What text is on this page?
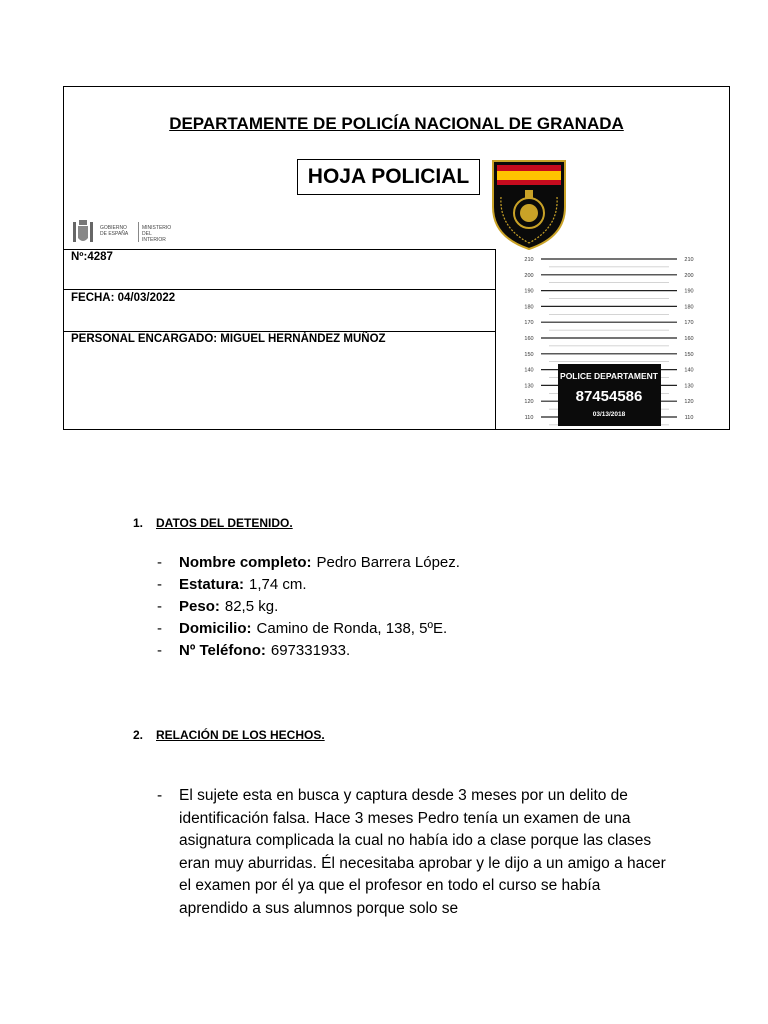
DEPARTAMENTE DE POLICÍA NACIONAL DE GRANADA
HOJA POLICIAL
GOBIERNO
DE ESPAÑA
MINISTERIO DEL
INTERIOR
Nº:4287
FECHA: 04/03/2022
PERSONAL ENCARGADO: MIGUEL HERNÁNDEZ MUÑOZ
210	210
200	200
190	190
180	180
170	170
160	160
150	150
140	140
130	130
120	120
110	110
POLICE DEPARTAMENT
87454586
03/13/2018
1. DATOS DEL DETENIDO.
-	Nombre completo: Pedro Barrera López.
-	Estatura: 1,74 cm.
-	Peso: 82,5 kg.
-	Domicilio: Camino de Ronda, 138, 5ºE.
-	Nº Teléfono: 697331933.
2. RELACIÓN DE LOS HECHOS.
-	El sujete esta en busca y captura desde 3 meses por un delito de identificación falsa. Hace 3 meses Pedro tenía un examen de una asignatura complicada la cual no había ido a clase porque las clases eran muy aburridas. Él necesitaba aprobar y le dijo a un amigo a hacer el examen por él ya que el profesor en todo el curso se había aprendido a sus alumnos porque solo se
